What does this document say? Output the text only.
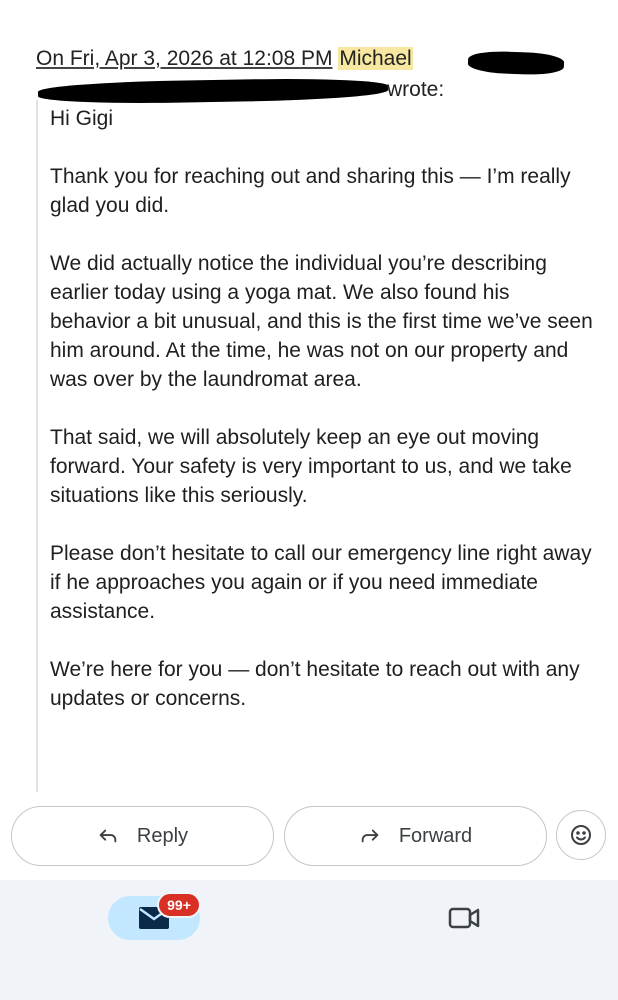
On Fri, Apr 3, 2026 at 12:08 PM Michael
wrote:
Hi Gigi

Thank you for reaching out and sharing this — I’m really glad you did.

We did actually notice the individual you’re describing earlier today using a yoga mat. We also found his behavior a bit unusual, and this is the first time we’ve seen him around. At the time, he was not on our property and was over by the laundromat area.

That said, we will absolutely keep an eye out moving forward. Your safety is very important to us, and we take situations like this seriously.

Please don’t hesitate to call our emergency line right away if he approaches you again or if you need immediate assistance.

We’re here for you — don’t hesitate to reach out with any updates or concerns.

Reply	Forward
99+
